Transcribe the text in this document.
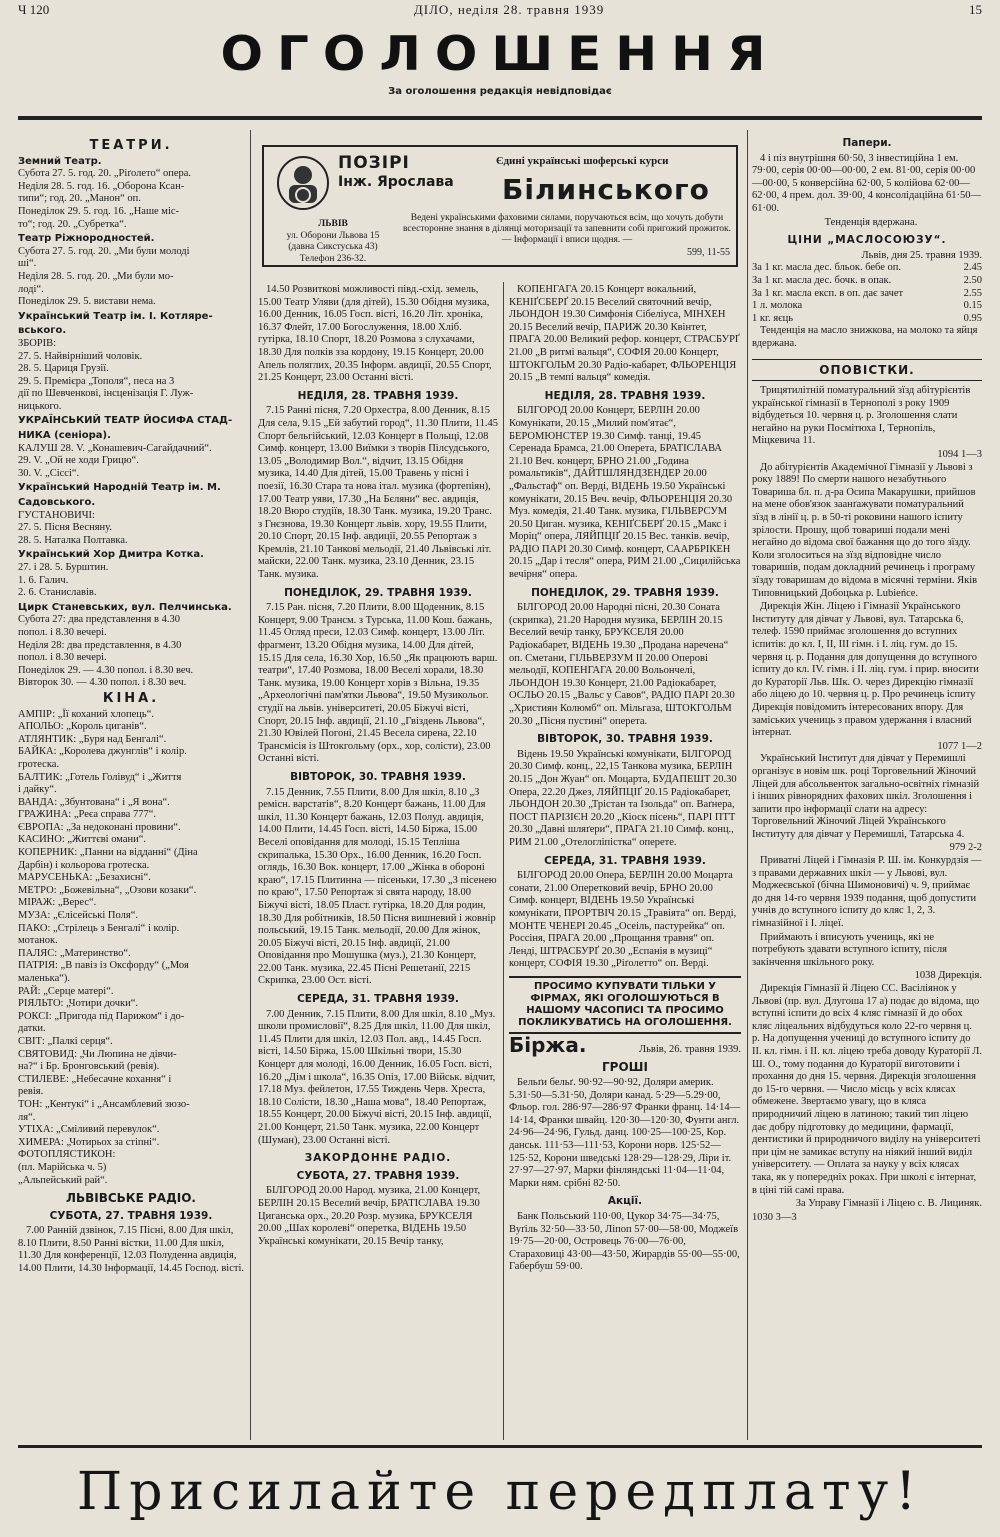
Ч 120	ДІЛО, неділя 28. травня 1939	15
ОГОЛОШЕННЯ
За оголошення редакція невідповідає
ТЕАТРИ.
Земний Театр.
Субота 27. 5. год. 20. „Ріґолето“ опера.
Неділя 28. 5. год. 16. „Оборона Ксан-
типи“; год. 20. „Манон“ оп.
Понеділок 29. 5. год. 16. „Наше міс-
то“; год. 20. „Субретка“.
Театр Ріжнородностей.
Субота 27. 5. год. 20. „Ми були молоді
ші“.
Неділя 28. 5. год. 20. „Ми були мо-
лоді“.
Понеділок 29. 5. вистави нема.
Український Театр ім. І. Котляре-
вського.
ЗБОРІВ:
27. 5. Найвірніший чоловік.
28. 5. Цариця Грузії.
29. 5. Премієра „Тополя“, песа на 3
дії по Шевченкові, інсценізація Г. Луж-
ницького.
УКРАЇНСЬКИЙ ТЕАТР ЙОСИФА СТАД-
НИКА (сеніора).
КАЛУШ 28. V. „Конашевич-Сагайдачний“.
29. V. „Ой не ходи Грицю“.
30. V. „Сіссі“.
Український Народній Театр ім. М.
Садовського.
ГУСТАНОВИЧІ:
27. 5. Пісня Весняну.
28. 5. Наталка Полтавка.
Український Хор Дмитра Котка.
27. і 28. 5. Бурштин.
1. 6. Галич.
2. 6. Станиславів.
Цирк Станевських, вул. Пелчинська.
Субота 27: два представлення в 4.30
попол. і 8.30 вечері.
Неділя 28: два представлення, в 4.30
попол. і 8.30 вечері.
Понеділок 29. — 4.30 попол. і 8.30 веч.
Вівторок 30. — 4.30 попол. і 8.30 веч.
КІНА.
АМПІР: „Її коханий хлопець“.
АПОЛЬО: „Король циганів“.
АТЛЯНТИК: „Буря над Бенгалі“.
БАЙКА: „Королева джунглів“ і колір.
гротеска.
БАЛТИК: „Готель Голівуд“ і „Життя
і дайку“.
ВАНДА: „Збунтована“ і „Я вона“.
ГРАЖИНА: „Реєа справа 777“.
ЄВРОПА: „За недоконані провини“.
КАСИНО: „Життєві омани“.
КОПЕРНИК: „Панни на відданні“ (Діна
Дарбін) і кольорова гротеска.
МАРУСЕНЬКА: „Безахисні“.
МЕТРО: „Божевільна“, „Озови козаки“.
МІРАЖ: „Верес“.
МУЗА: „Єлісейські Поля“.
ПАКО: „Стрілець з Бенгалі“ і колір.
мотанок.
ПАЛЯС: „Материнство“.
ПАТРІЯ: „В павіз із Оксфорду“ („Моя
маленька“).
РАЙ: „Серце матері“.
РІЯЛЬТО: „Чотири дочки“.
РОКСІ: „Пригода під Парижом“ і до-
датки.
СВІТ: „Палкі серця“.
СВЯТОВИД: „Чи Люпина не дівчи-
на?“ і Бр. Бронговський (ревія).
СТИЛЕВЕ: „Небесачне кохання“ і
ревія.
ТОН: „Кентукі“ і „Ансамблевий зюзо-
ля“.
УТІХА: „Сміливий перевулок“.
ХИМЕРА: „Чотирьох за стіпні“.
ФОТОПЛЯСТИКОН:
(пл. Марійська ч. 5)
„Альпейський рай“.
ЛЬВІВСЬКЕ РАДІО.
СУБОТА, 27. ТРАВНЯ 1939.

7.00 Ранній дзвінок, 7.15 Пісні, 8.00 Для шкіл, 8.10 Плити, 8.50 Ранні вістки, 11.00 Для шкіл, 11.30 Для конференції, 12.03 Полуденна авдиція, 14.00 Плити, 14.30 Інформації, 14.45 Господ. вісті.

ПОЗІРІ
Інж. Ярослава
Єдині українські шоферські курси
Білинського
ЛЬВІВ
ул. Оборони Львова 15
(давна Сикстуська 43)
Телефон 236-32.
Ведені українськими фаховими силами, поручаються всім, що хочуть добути всесторонне знання в ділянці моторизації та запевнити собі пригожий прожиток. — Інформації і вписи щодня. —
599, 11-55

14.50 Розвиткові можливості півд.-схід. земель, 15.00 Театр Уляви (для дітей), 15.30 Обідня музика, 16.00 Денник, 16.05 Госп. вісті, 16.20 Літ. хроніка, 16.37 Флейт, 17.00 Богослуження, 18.00 Хліб. гутірка, 18.10 Спорт, 18.20 Розмова з слухачами, 18.30 Для полків зза кордону, 19.15 Концерт, 20.00 Апель поляглих, 20.35 Інформ. авдиції, 20.55 Спорт, 21.25 Концерт, 23.00 Останні вісті.

НЕДІЛЯ, 28. ТРАВНЯ 1939.

7.15 Ранні пісня, 7.20 Орхестра, 8.00 Денник, 8.15 Для села, 9.15 „Ей забутий город“, 11.30 Плити, 11.45 Спорт бельгійський, 12.03 Концерт в Польщі, 12.08 Симф. концерт, 13.00 Виїмки з творів Пілсудського, 13.05 „Володимир Вол.“, відчит, 13.15 Обідня музика, 14.40 Для дітей, 15.00 Травень у пісні і поезії, 16.30 Стара та нова італ. музика (фортепіян), 17.00 Театр уяви, 17.30 „На Бєляни“ вес. авдиція, 18.20 Вюро студіїв, 18.30 Танк. музика, 19.20 Транс. з Гнєзнова, 19.30 Концерт львів. хору, 19.55 Плити, 20.10 Спорт, 20.15 Інф. авдиції, 20.55 Репортаж з Кремлів, 21.10 Танкові мельодії, 21.40 Львівські літ. майски, 22.00 Танк. музика, 23.10 Денник, 23.15 Танк. музика.

ПОНЕДІЛОК, 29. ТРАВНЯ 1939.

7.15 Ран. пісня, 7.20 Плити, 8.00 Щоденник, 8.15 Концерт, 9.00 Трансм. з Турська, 11.00 Кош. бажань, 11.45 Огляд преси, 12.03 Симф. концерт, 13.00 Літ. фрагмент, 13.20 Обідня музика, 14.00 Для дітей, 15.15 Для села, 16.30 Хор, 16.50 „Як працюють варш. театри“, 17.40 Розмова, 18.00 Веселі хорали, 18.30 Танк. музика, 19.00 Концерт хорів з Вільна, 19.35 „Археологічні пам'ятки Львова“, 19.50 Музикольог. студії на львів. університеті, 20.05 Біжучі вісті, Спорт, 20.15 Інф. авдиції, 21.10 „Гвіздень Львова“, 21.30 Ювілей Погоні, 21.45 Весела сирена, 22.10 Трансмісія із Штокгольму (орх., хор, солісти), 23.00 Останні вісті.

ВІВТОРОК, 30. ТРАВНЯ 1939.

7.15 Денник, 7.55 Плити, 8.00 Для шкіл, 8.10 „З ремісн. варстатів“, 8.20 Концерт бажань, 11.00 Для шкіл, 11.30 Концерт бажань, 12.03 Полуд. авдиція, 14.00 Плити, 14.45 Госп. вісті, 14.50 Біржа, 15.00 Веселі оповідання для молоді, 15.15 Тепліша скрипалька, 15.30 Орх., 16.00 Денник, 16.20 Госп. оглядь, 16.30 Вок. концерт, 17.00 „Жінка в обороні краю“, 17.15 Плитинна — пісеньки, 17.30 „З пісенею по краю“, 17.50 Репортаж зі свята народу, 18.00 Біжучі вісті, 18.05 Пласт. гутірка, 18.20 Для родин, 18.30 Для робітників, 18.50 Пісня вишневий і жовнір польський, 19.15 Танк. мельодії, 20.00 Для жінок, 20.05 Біжучі вісті, 20.15 Інф. авдиції, 21.00 Оповідання про Мошушка (муз.), 21.30 Концерт, 22.00 Танк. музика, 22.45 Пісні Решетанії, 2215 Скрипка, 23.00 Ост. вісті.

СЕРЕДА, 31. ТРАВНЯ 1939.

7.00 Денник, 7.15 Плити, 8.00 Для шкіл, 8.10 „Муз. школи промисловії“, 8.25 Для шкіл, 11.00 Для шкіл, 11.45 Плити для шкіл, 12.03 Пол. авд., 14.45 Госп. вісті, 14.50 Біржа, 15.00 Шкільні твори, 15.30 Концерт для молоді, 16.00 Денник, 16.05 Госп. вісті, 16.20 „Дім і школа“, 16.35 Опіз, 17.00 Військ. відчит, 17.18 Муз. фейлетон, 17.55 Тиждень Черв. Хреста, 18.10 Солісти, 18.30 „Наша мова“, 18.40 Репортаж, 18.55 Концерт, 20.00 Біжучі вісті, 20.15 Інф. авдиції, 21.00 Концерт, 21.50 Танк. музика, 22.00 Концерт (Шуман), 23.00 Останні вісті.

ЗАКОРДОННЕ РАДІО.
СУБОТА, 27. ТРАВНЯ 1939.

БІЛГОРОД 20.00 Народ. музика, 21.00 Концерт, БЕРЛІН 20.15 Веселий вечір, БРАТІСЛАВА 19.30 Циганська орх., 20.20 Розр. музика, БРУКСЕЛЯ 20.00 „Шах королеві“ оперетка, ВІДЕНЬ 19.50 Українські комунікати, 20.15 Вечір танку,

КОПЕНГАГА 20.15 Концерт вокальний, КЕНІҐСБЕРҐ 20.15 Веселий святочний вечір, ЛЬОНДОН 19.30 Симфонія Сібеліуса, МІНХЕН 20.15 Веселий вечір, ПАРИЖ 20.30 Квінтет, ПРАГА 20.00 Великий рефор. концерт, СТРАСБУРҐ 21.00 „В ритмі вальця“, СОФІЯ 20.00 Концерт, ШТОКГОЛЬМ 20.30 Радіо-кабарет, ФЛЬОРЕНЦІЯ 20.15 „В темпі вальця“ комедія.

НЕДІЛЯ, 28. ТРАВНЯ 1939.

БІЛГОРОД 20.00 Концерт, БЕРЛІН 20.00 Комунікати, 20.15 „Милий пом'ятає“, БЕРОМЮНСТЕР 19.30 Симф. танці, 19.45 Серенада Брамса, 21.00 Оперета, БРАТІСЛАВА 21.10 Веч. концерт, БРНО 21.00 „Година ромальтиків“, ДАЙТШЛЯНДЗЕНДЕР 20.00 „Фальстаф“ оп. Верді, ВІДЕНЬ 19.50 Українські комунікати, 20.15 Веч. вечір, ФЛЬОРЕНЦІЯ 20.30 Муз. комедія, 21.40 Танк. музика, ГІЛЬВЕРСУМ 20.50 Циган. музика, КЕНІҐСБЕРҐ 20.15 „Макс і Моріц“ опера, ЛЯЙПЦІҐ 20.15 Вес. танків. вечір, РАДІО ПАРІ 20.30 Симф. концерт, СААРБРІКЕН 20.15 „Дар і тесля“ опера, РИМ 21.00 „Сицилійська вечірня“ опера.

ПОНЕДІЛОК, 29. ТРАВНЯ 1939.

БІЛГОРОД 20.00 Народні пісні, 20.30 Соната (скрипка), 21.20 Народня музика, БЕРЛІН 20.15 Веселий вечір танку, БРУКСЕЛЯ 20.00 Радіокабарет, ВІДЕНЬ 19.30 „Продана наречена“ оп. Сметани, ГІЛЬВЕРЗУМ II 20.00 Оперові мельодії, КОПЕНГАГА 20.00 Вольончелі, ЛЬОНДОН 19.30 Концерт, 21.00 Радіокабарет, ОСЛЬО 20.15 „Вальс у Савов“, РАДІО ПАРІ 20.30 „Християн Колюмб“ оп. Мільгаза, ШТОКГОЛЬМ 20.30 „Пісня пустині“ оперета.

ВІВТОРОК, 30. ТРАВНЯ 1939.

Відень 19.50 Українські комунікати, БІЛГОРОД 20.30 Симф. конц., 22,15 Танкова музика, БЕРЛІН 20.15 „Дон Жуан“ оп. Моцарта, БУДАПЕШТ 20.30 Опера, 22.20 Джез, ЛЯЙПЦІҐ 20.15 Радіокабарет, ЛЬОНДОН 20.30 „Трістан та Ізольда“ оп. Ваґнера, ПОСТ ПАРІЗІЄН 20.20 „Кіоск пісень“, ПАРІ ПТТ 20.30 „Давні шляґери“, ПРАГА 21.10 Симф. конц., РИМ 21.00 „Отелогліпістка“ оперете.

СЕРЕДА, 31. ТРАВНЯ 1939.

БІЛГОРОД 20.00 Опера, БЕРЛІН 20.00 Моцарта сонати, 21.00 Оперетковий вечір, БРНО 20.00 Симф. концерт, ВІДЕНЬ 19.50 Українські комунікати, ПРОРТВІЧ 20.15 „Травіята“ оп. Верді, МОНТЕ ЧЕНЕРІ 20.45 „Осеіль, пастурейка“ оп. Россіня, ПРАГА 20.00 „Прощання травня“ оп. Ленді, ШТРАСБУРҐ 20.30 „Еспанія в музиці“ концерт, СОФІЯ 19.30 „Ріґолетто“ оп. Верді.

ПРОСИМО КУПУВАТИ ТІЛЬКИ У ФІРМАХ, ЯКІ ОГОЛОШУЮТЬСЯ В НАШОМУ ЧАСОПИСІ ТА ПРОСИМО ПОКЛИКУВАТИСЬ НА ОГОЛОШЕННЯ.
Біржа.	Львів, 26. травня 1939.
ГРОШІ

Бельґи бельґ. 90·92—90·92, Доляри америк. 5.31·50—5.31·50, Доляри канад. 5·29—5.29·00, Фльор. гол. 286·97—286·97 Франки франц. 14·14—14·14, Франки швайц. 120·30—120·30, Фунти англ. 24·96—24·96, Гульд. данц. 100·25—100·25, Кор. данськ. 111·53—111·53, Корони норв. 125·52—125·52, Корони шведські 128·29—128·29, Ліри іт. 27·97—27·97, Марки фінляндські 11·04—11·04, Марки ням. срібні 82·50.

Акції.

Банк Польський 110·00, Цукор 34·75—34·75, Вуґіль 32·50—33·50, Ліпоп 57·00—58·00, Моджеїв 19·75—20·00, Островець 76·00—76·00, Стараховиці 43·00—43·50, Жирардів 55·00—55·00, Габербуш 59·00.

Папери.

4 і піз внутрішня 60·50, 3 інвестиційна 1 ем. 79·00, серія 00·00—00·00, 2 ем. 81·00, серія 00·00—00·00, 5 конверсійна 62·00, 5 колійова 62·00—62·00, 4 прем. дол. 39·00, 4 консолідаційна 61·50—61·00.

Тенденція вдержана.

ЦІНИ „МАСЛОСОЮЗУ“.
Львів, дня 25. травня 1939.
За 1 кг. масла дес. бльок. бебе оп.	2.45
За 1 кг. масла дес. бочк. в опак.	2.50
За 1 кг. масла експ. в оп. дає зачет	2.55
1 л. молока	0.15
1 кг. яєць	0.95

Тенденція на масло знижкова, на молоко та яйця вдержана.

ОПОВІСТКИ.

Трицятилітній поматуральний зїзд абітурієнтів української гімназії в Тернополі з року 1909 відбудеться 10. червня ц. р. Зголошення слати негайно на руки Посмітюха І, Тернопіль, Міцкевича 11.

1094 1—3

До абітурієнтів Академічної Гімназії у Львові з року 1889! По смерти нашого незабутнього Товариша бл. п. д-ра Осипа Макарушки, прийшов на мене обов'язок заанґажувати поматуральний зїзд в лінії ц. р. в 50-ті роковини нашого іспиту зрілости. Прошу, щоб товариші подали мені негайно до відома свої бажання що до того зїзду. Коли зголоситься на зїзд відповідне число товаришів, подам докладний речинець і програму зїзду товаришам до відома в місячні терміни. Яків Типовницький Добоцька р. Lubieńce.

Дирекція Жін. Ліцею і Гімназії Українського Інституту для дівчат у Львові, вул. Татарська 6, телеф. 1590 приймає зголошення до вступних іспитів: до кл. І, ІІ, ІІІ гімн. і І. ліц. гум. до 15. червня ц. р. Подання для допущення до вступного іспиту до кл. IV. гімн. і ІІ. ліц. гум. і прир. вносити до Кураторії Льв. Шк. О. через Дирекцію гімназії або ліцею до 10. червня ц. р. Про речинець іспиту Дирекція повідомить інтересованих впору. Для заміських учениць з правом удержання і власний інтернат.

1077 1—2

Український Інститут для дівчат у Перемишлі організує в новім шк. році Торговельний Жіночий Ліцей для абсольвенток загально-освітніх гімназій і інших рівнорядних фахових шкіл. Зголошення і запити про інформації слати на адресу: Торговельний Жіночий Ліцей Українського Інституту для дівчат у Перемишлі, Татарська 4.

979 2-2

Приватні Ліцей і Гімназія Р. Ш. ім. Конкурдзія — з правами державних шкіл — у Львові, вул. Моджеєвської (бічна Шимоновичі) ч. 9, приймає до дня 14-го червня 1939 подання, щоб допустити учнів до вступного іспиту до кляс 1, 2, 3. гімназійної і І. ліцеї.

Приймають і вписують учениць, які не потребують здавати вступного іспиту, після закінчення шкільного року.

1038 Дирекція.

Дирекція Гімназії й Ліцею СС. Васіліянок у Львові (пр. вул. Длугоша 17 а) подає до відома, що вступні іспити до всіх 4 кляс гімназії й до обох кляс ліцеальних відбудуться коло 22-го червня ц. р. На допущення учениці до вступного іспиту до II. кл. гімн. і ІІ. кл. ліцею треба доводу Кураторії Л. Ш. О., тому подання до Кураторії виготовити і прохання до дня 15. червня. Дирекція зголошення до 15-го червня. — Число місць у всіх клясах обмежене. Звертаємо увагу, що в кляса природничий ліцею в латиною; такий тип ліцею дає добру підготовку до медицини, фармації, дентистики й природничого виділу на університеті при цім не замикає вступу на ніякий інший виділ університету. — Оплата за науку у всіх клясах така, як у попередніх роках. При школі є інтернат, в ціні тій самі права.

За Управу Гімназії і Ліцею с. В. Лициняк.

1030 3—3
Присилайте передплату!
